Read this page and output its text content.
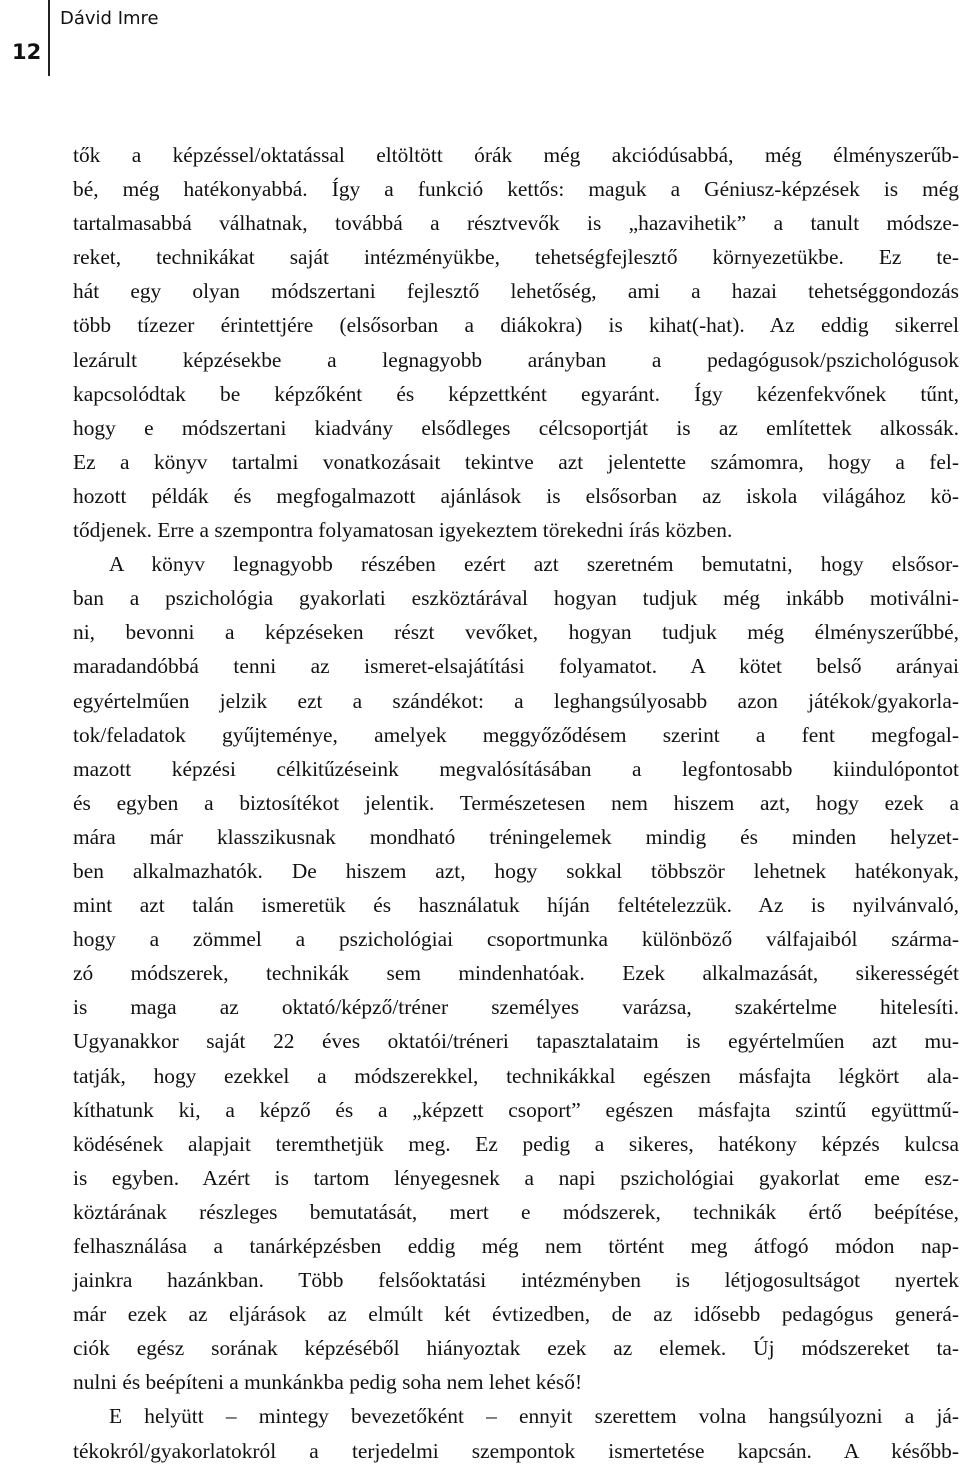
12
Dávid Imre
tők a képzéssel/oktatással eltöltött órák még akciódúsabbá, még élményszerűb-
bé, még hatékonyabbá. Így a funkció kettős: maguk a Géniusz-képzések is még
tartalmasabbá válhatnak, továbbá a résztvevők is „hazavihetik” a tanult módsze-
reket, technikákat saját intézményükbe, tehetségfejlesztő környezetükbe. Ez te-
hát egy olyan módszertani fejlesztő lehetőség, ami a hazai tehetséggondozás
több tízezer érintettjére (elsősorban a diákokra) is kihat(-hat). Az eddig sikerrel
lezárult képzésekbe a legnagyobb arányban a pedagógusok/pszichológusok
kapcsolódtak be képzőként és képzettként egyaránt. Így kézenfekvőnek tűnt,
hogy e módszertani kiadvány elsődleges célcsoportját is az említettek alkossák.
Ez a könyv tartalmi vonatkozásait tekintve azt jelentette számomra, hogy a fel-
hozott példák és megfogalmazott ajánlások is elsősorban az iskola világához kö-
tődjenek. Erre a szempontra folyamatosan igyekeztem törekedni írás közben.
A könyv legnagyobb részében ezért azt szeretném bemutatni, hogy elsősor-
ban a pszichológia gyakorlati eszköztárával hogyan tudjuk még inkább motiválni-
ni, bevonni a képzéseken részt vevőket, hogyan tudjuk még élményszerűbbé,
maradandóbbá tenni az ismeret-elsajátítási folyamatot. A kötet belső arányai
egyértelműen jelzik ezt a szándékot: a leghangsúlyosabb azon játékok/gyakorla-
tok/feladatok gyűjteménye, amelyek meggyőződésem szerint a fent megfogal-
mazott képzési célkitűzéseink megvalósításában a legfontosabb kiindulópontot
és egyben a biztosítékot jelentik. Természetesen nem hiszem azt, hogy ezek a
mára már klasszikusnak mondható tréningelemek mindig és minden helyzet-
ben alkalmazhatók. De hiszem azt, hogy sokkal többször lehetnek hatékonyak,
mint azt talán ismeretük és használatuk híján feltételezzük. Az is nyilvánvaló,
hogy a zömmel a pszichológiai csoportmunka különböző válfajaiból szárma-
zó módszerek, technikák sem mindenhatóak. Ezek alkalmazását, sikerességét
is maga az oktató/képző/tréner személyes varázsa, szakértelme hitelesíti.
Ugyanakkor saját 22 éves oktatói/tréneri tapasztalataim is egyértelműen azt mu-
tatják, hogy ezekkel a módszerekkel, technikákkal egészen másfajta légkört ala-
kíthatunk ki, a képző és a „képzett csoport” egészen másfajta szintű együttmű-
ködésének alapjait teremthetjük meg. Ez pedig a sikeres, hatékony képzés kulcsa
is egyben. Azért is tartom lényegesnek a napi pszichológiai gyakorlat eme esz-
köztárának részleges bemutatását, mert e módszerek, technikák értő beépítése,
felhasználása a tanárképzésben eddig még nem történt meg átfogó módon nap-
jainkra hazánkban. Több felsőoktatási intézményben is létjogosultságot nyertek
már ezek az eljárások az elmúlt két évtizedben, de az idősebb pedagógus generá-
ciók egész sorának képzéséből hiányoztak ezek az elemek. Új módszereket ta-
nulni és beépíteni a munkánkba pedig soha nem lehet késő!
E helyütt – mintegy bevezetőként – ennyit szerettem volna hangsúlyozni a já-
tékokról/gyakorlatokról a terjedelmi szempontok ismertetése kapcsán. A később-
